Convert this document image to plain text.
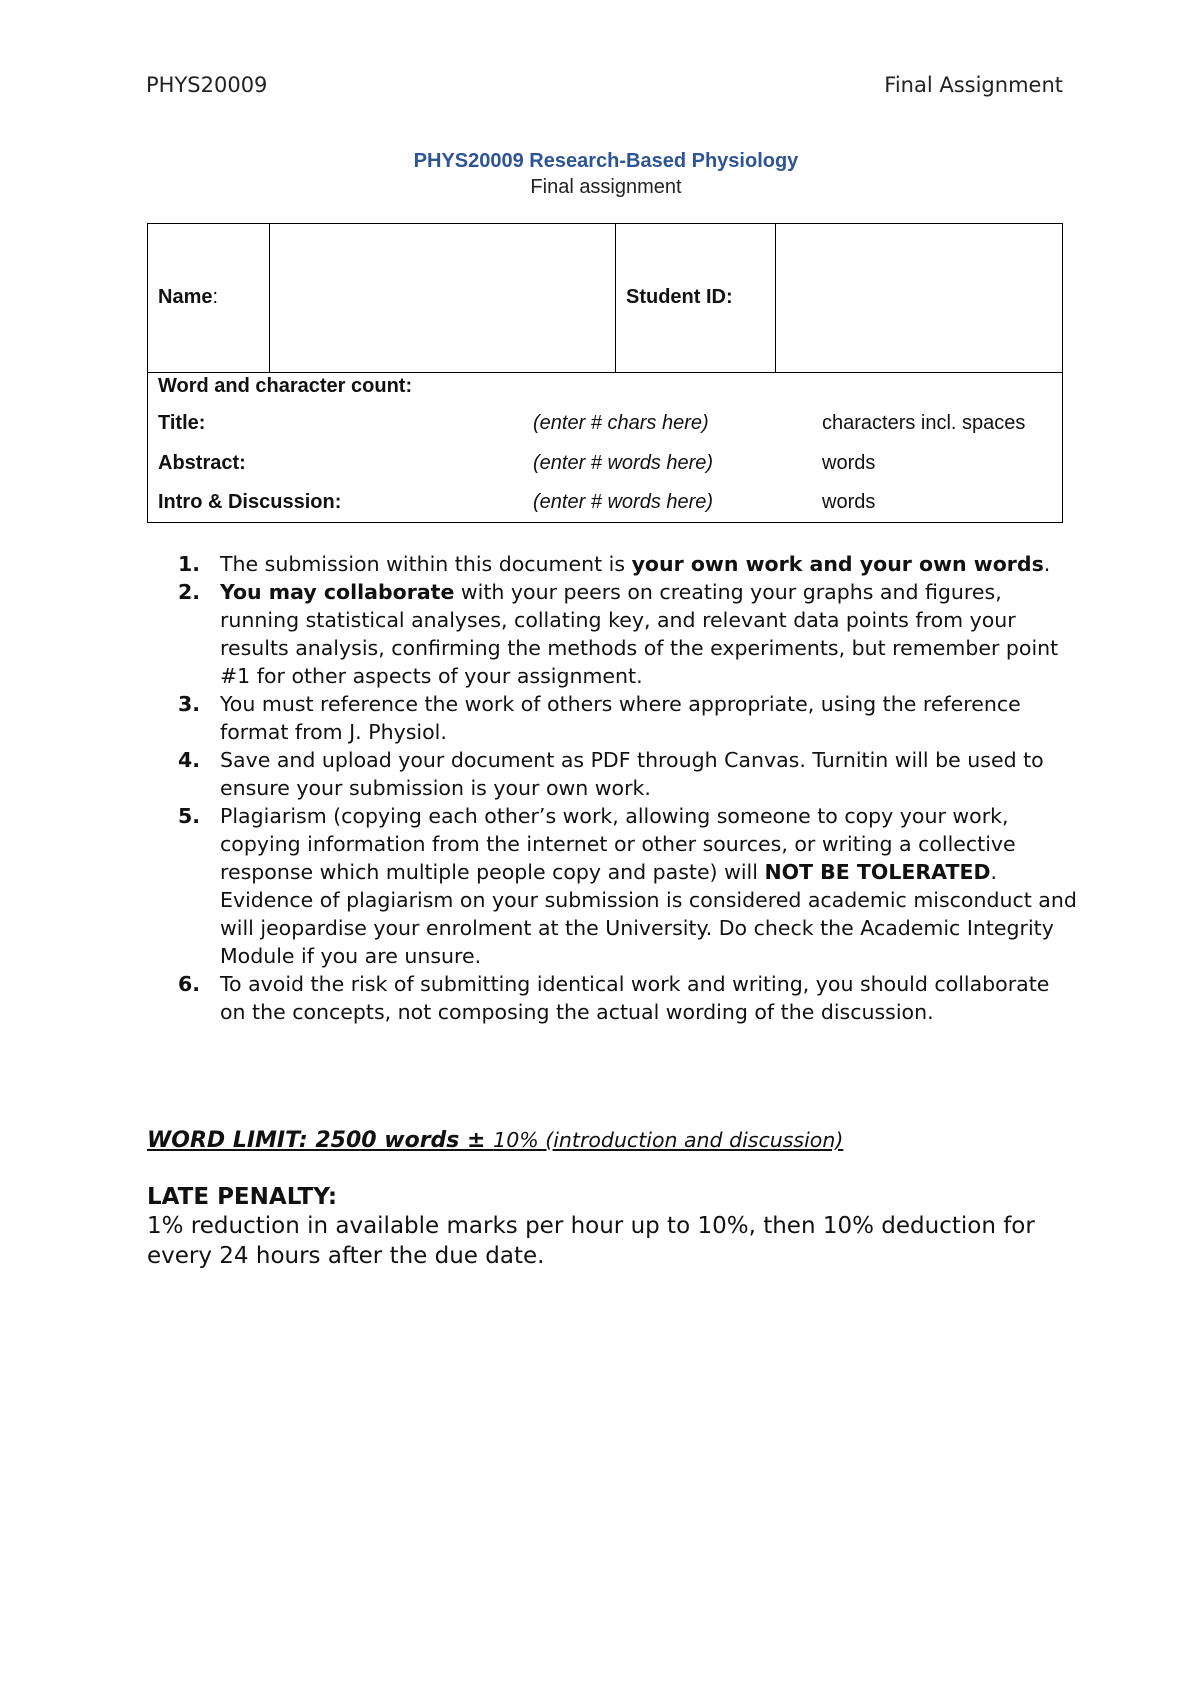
PHYS20009	Final Assignment
PHYS20009 Research-Based Physiology
Final assignment
Name:	Student ID:
Word and character count:
Title:	(enter # chars here)	characters incl. spaces
Abstract:	(enter # words here)	words
Intro & Discussion:	(enter # words here)	words
1. The submission within this document is your own work and your own words.
2. You may collaborate with your peers on creating your graphs and figures, running statistical analyses, collating key, and relevant data points from your results analysis, confirming the methods of the experiments, but remember point #1 for other aspects of your assignment.
3. You must reference the work of others where appropriate, using the reference format from J. Physiol.
4. Save and upload your document as PDF through Canvas. Turnitin will be used to ensure your submission is your own work.
5. Plagiarism (copying each other’s work, allowing someone to copy your work, copying information from the internet or other sources, or writing a collective response which multiple people copy and paste) will NOT BE TOLERATED. Evidence of plagiarism on your submission is considered academic misconduct and will jeopardise your enrolment at the University. Do check the Academic Integrity Module if you are unsure.
6. To avoid the risk of submitting identical work and writing, you should collaborate on the concepts, not composing the actual wording of the discussion.
WORD LIMIT: 2500 words ± 10% (introduction and discussion)
LATE PENALTY:
1% reduction in available marks per hour up to 10%, then 10% deduction for every 24 hours after the due date.
